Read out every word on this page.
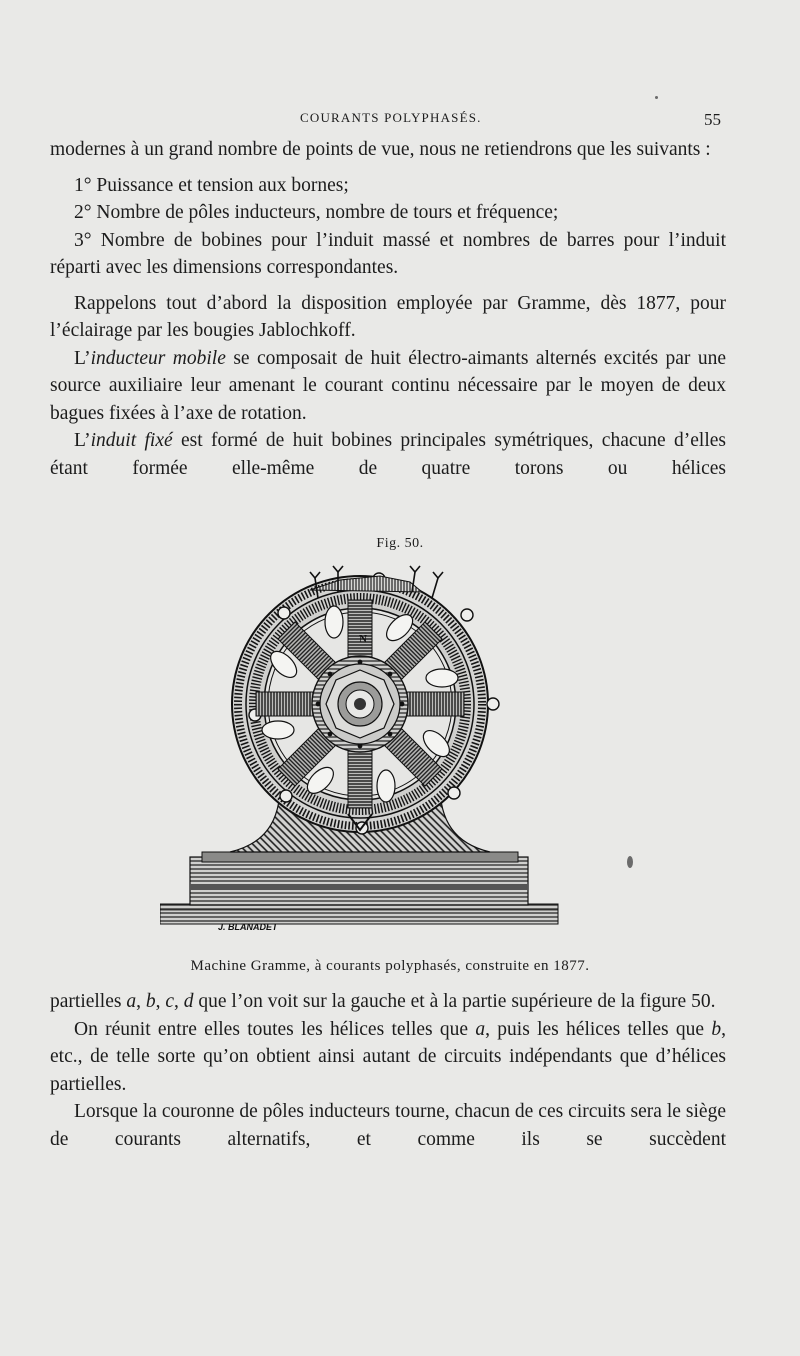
COURANTS POLYPHASÉS.	55

modernes à un grand nombre de points de vue, nous ne retiendrons que les suivants :

1° Puissance et tension aux bornes;

2° Nombre de pôles inducteurs, nombre de tours et fréquence;

3° Nombre de bobines pour l’induit massé et nombres de barres pour l’induit réparti avec les dimensions correspondantes.

Rappelons tout d’abord la disposition employée par Gramme, dès 1877, pour l’éclairage par les bougies Jablochkoff.

L’inducteur mobile se composait de huit électro-aimants alternés excités par une source auxiliaire leur amenant le courant continu nécessaire par le moyen de deux bagues fixées à l’axe de rotation.

L’induit fixé est formé de huit bobines principales symétriques, chacune d’elles étant formée elle-même de quatre torons ou hélices

Fig. 50.
N
J. BLANADET
Machine Gramme, à courants polyphasés, construite en 1877.

partielles a, b, c, d que l’on voit sur la gauche et à la partie supérieure de la figure 50.

On réunit entre elles toutes les hélices telles que a, puis les hélices telles que b, etc., de telle sorte qu’on obtient ainsi autant de circuits indépendants que d’hélices partielles.

Lorsque la couronne de pôles inducteurs tourne, chacun de ces circuits sera le siège de courants alternatifs, et comme ils se succèdent
